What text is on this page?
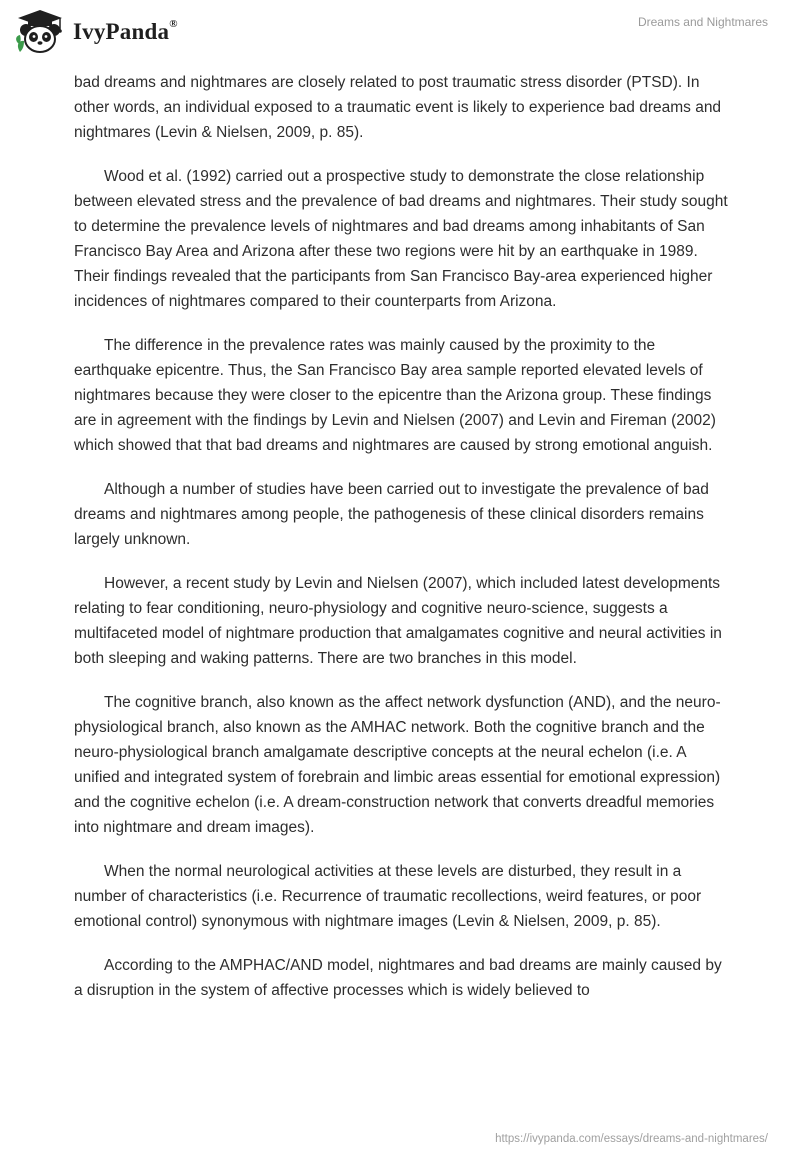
IvyPanda®	Dreams and Nightmares

bad dreams and nightmares are closely related to post traumatic stress disorder (PTSD). In other words, an individual exposed to a traumatic event is likely to experience bad dreams and nightmares (Levin & Nielsen, 2009, p. 85).

Wood et al. (1992) carried out a prospective study to demonstrate the close relationship between elevated stress and the prevalence of bad dreams and nightmares. Their study sought to determine the prevalence levels of nightmares and bad dreams among inhabitants of San Francisco Bay Area and Arizona after these two regions were hit by an earthquake in 1989. Their findings revealed that the participants from San Francisco Bay-area experienced higher incidences of nightmares compared to their counterparts from Arizona.

The difference in the prevalence rates was mainly caused by the proximity to the earthquake epicentre. Thus, the San Francisco Bay area sample reported elevated levels of nightmares because they were closer to the epicentre than the Arizona group. These findings are in agreement with the findings by Levin and Nielsen (2007) and Levin and Fireman (2002) which showed that that bad dreams and nightmares are caused by strong emotional anguish.

Although a number of studies have been carried out to investigate the prevalence of bad dreams and nightmares among people, the pathogenesis of these clinical disorders remains largely unknown.

However, a recent study by Levin and Nielsen (2007), which included latest developments relating to fear conditioning, neuro-physiology and cognitive neuro-science, suggests a multifaceted model of nightmare production that amalgamates cognitive and neural activities in both sleeping and waking patterns. There are two branches in this model.

The cognitive branch, also known as the affect network dysfunction (AND), and the neuro-physiological branch, also known as the AMHAC network. Both the cognitive branch and the neuro-physiological branch amalgamate descriptive concepts at the neural echelon (i.e. A unified and integrated system of forebrain and limbic areas essential for emotional expression) and the cognitive echelon (i.e. A dream-construction network that converts dreadful memories into nightmare and dream images).

When the normal neurological activities at these levels are disturbed, they result in a number of characteristics (i.e. Recurrence of traumatic recollections, weird features, or poor emotional control) synonymous with nightmare images (Levin & Nielsen, 2009, p. 85).

According to the AMPHAC/AND model, nightmares and bad dreams are mainly caused by a disruption in the system of affective processes which is widely believed to

https://ivypanda.com/essays/dreams-and-nightmares/
